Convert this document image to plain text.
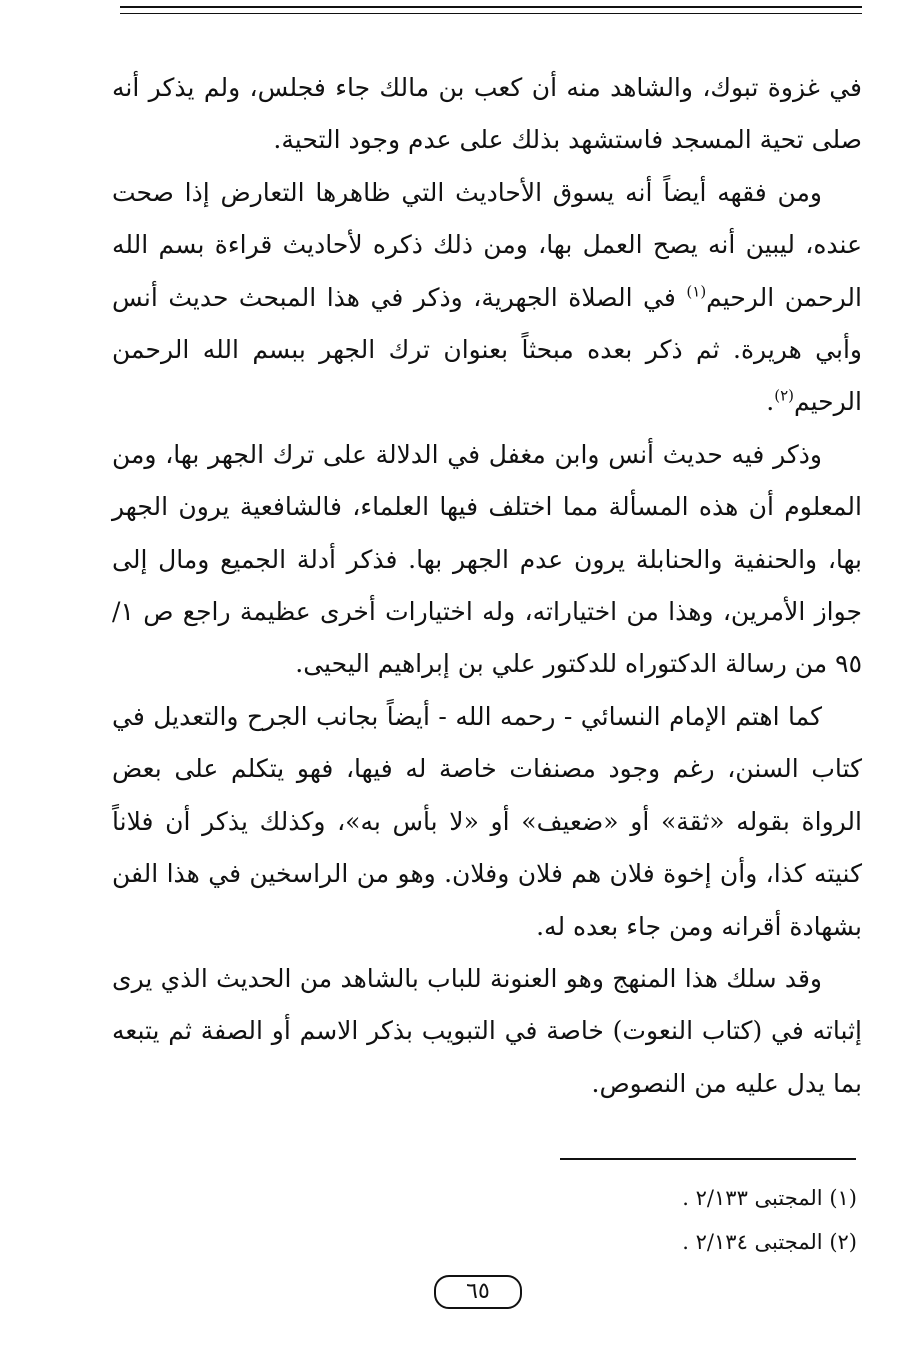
في غزوة تبوك، والشاهد منه أن كعب بن مالك جاء فجلس، ولم يذكر أنه صلى تحية المسجد فاستشهد بذلك على عدم وجود التحية.

ومن فقهه أيضاً أنه يسوق الأحاديث التي ظاهرها التعارض إذا صحت عنده، ليبين أنه يصح العمل بها، ومن ذلك ذكره لأحاديث قراءة بسم الله الرحمن الرحيم$^{(١)}$ في الصلاة الجهرية، وذكر في هذا المبحث حديث أنس وأبي هريرة. ثم ذكر بعده مبحثاً بعنوان ترك الجهر ببسم الله الرحمن الرحيم$^{(٢)}$.

وذكر فيه حديث أنس وابن مغفل في الدلالة على ترك الجهر بها، ومن المعلوم أن هذه المسألة مما اختلف فيها العلماء، فالشافعية يرون الجهر بها، والحنفية والحنابلة يرون عدم الجهر بها. فذكر أدلة الجميع ومال إلى جواز الأمرين، وهذا من اختياراته، وله اختيارات أخرى عظيمة راجع ص ١/ ٩٥ من رسالة الدكتوراه للدكتور علي بن إبراهيم اليحيى.

كما اهتم الإمام النسائي - رحمه الله - أيضاً بجانب الجرح والتعديل في كتاب السنن، رغم وجود مصنفات خاصة له فيها، فهو يتكلم على بعض الرواة بقوله «ثقة» أو «ضعيف» أو «لا بأس به»، وكذلك يذكر أن فلاناً كنيته كذا، وأن إخوة فلان هم فلان وفلان. وهو من الراسخين في هذا الفن بشهادة أقرانه ومن جاء بعده له.

وقد سلك هذا المنهج وهو العنونة للباب بالشاهد من الحديث الذي يرى إثباته في (كتاب النعوت) خاصة في التبويب بذكر الاسم أو الصفة ثم يتبعه بما يدل عليه من النصوص.

(١) المجتبى ٢/١٣٣ .

(٢) المجتبى ٢/١٣٤ .

٦٥
